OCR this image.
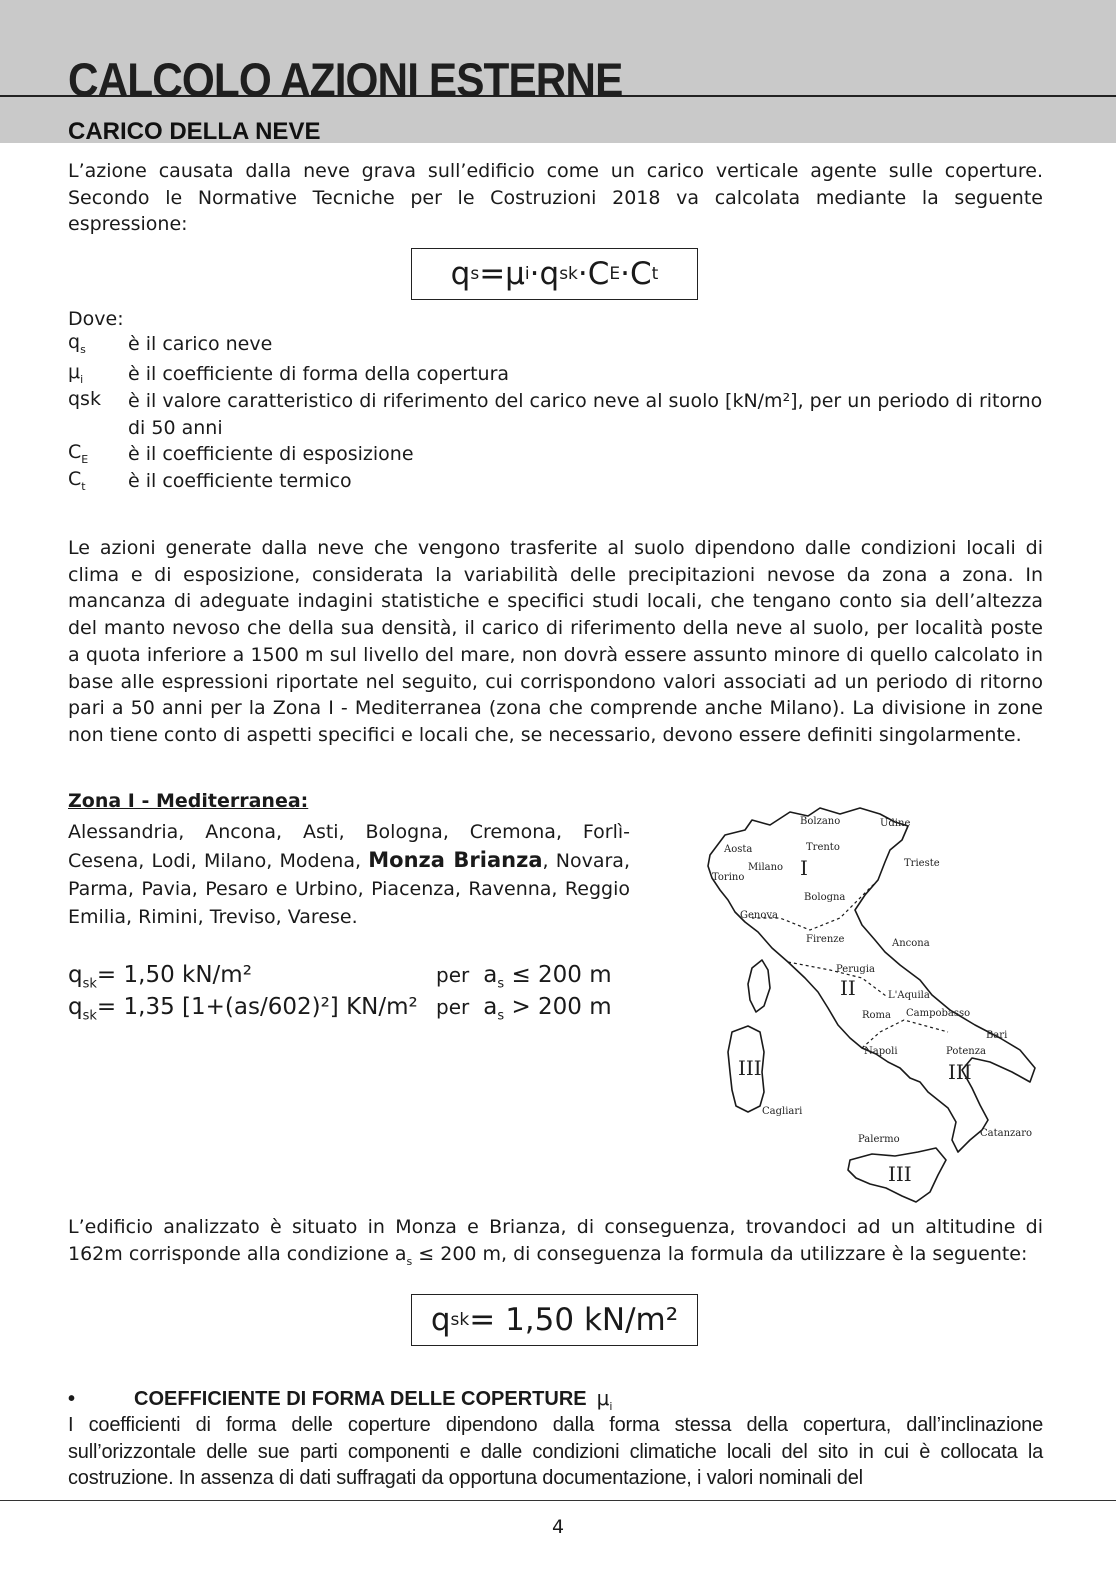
CALCOLO AZIONI ESTERNE
CARICO DELLA NEVE

L’azione causata dalla neve grava sull’edificio come un carico verticale agente sulle coperture. Secondo le Normative Tecniche per le Costruzioni 2018 va calcolata mediante la seguente espressione:

q s = μ i · q sk · C E · C t

Dove:

$q_s$ è il carico neve
$\mu_i$ è il coefficiente di forma della copertura
qsk è il valore caratteristico di riferimento del carico neve al suolo [kN/m²], per un periodo di ritorno di 50 anni
$C_E$ è il coefficiente di esposizione
$C_t$ è il coefficiente termico

Le azioni generate dalla neve che vengono trasferite al suolo dipendono dalle condizioni locali di clima e di esposizione, considerata la variabilità delle precipitazioni nevose da zona a zona. In mancanza di adeguate indagini statistiche e specifici studi locali, che tengano conto sia dell’altezza del manto nevoso che della sua densità, il carico di riferimento della neve al suolo, per località poste a quota inferiore a 1500 m sul livello del mare, non dovrà essere assunto minore di quello calcolato in base alle espressioni riportate nel seguito, cui corrispondono valori associati ad un periodo di ritorno pari a 50 anni per la Zona I - Mediterranea (zona che comprende anche Milano). La divisione in zone non tiene conto di aspetti specifici e locali che, se necessario, devono essere definiti singolarmente.

Zona I - Mediterranea:

Alessandria, Ancona, Asti, Bologna, Cremona, Forlì-Cesena, Lodi, Milano, Modena, Monza Brianza, Novara, Parma, Pavia, Pesaro e Urbino, Piacenza, Ravenna, Reggio Emilia, Rimini, Treviso, Varese.

$q_{sk}= 1,50$ kN/m²	per $a_s \le 200$ m
$q_{sk}= 1,35$ [1+(as/602)²] KN/m² per $a_s > 200$ m
Bolzano	Udine
Aosta	Trento
Milano	Trieste
Torino
Bologna
Genova
Firenze	Ancona
Perugia
L'Aquila
Roma Campobasso
Bari
Napoli	Potenza
Cagliari
Catanzaro
Palermo
I
II
III	III
III

L’edificio analizzato è situato in Monza e Brianza, di conseguenza, trovandoci ad un altitudine di 162m corrisponde alla condizione $a_s \le 200$ m, di conseguenza la formula da utilizzare è la seguente:

q sk = 1,50 kN/m²
•	COEFFICIENTE DI FORMA DELLE COPERTURE $\mu_i$

I coefficienti di forma delle coperture dipendono dalla forma stessa della copertura, dall’inclinazione sull’orizzontale delle sue parti componenti e dalle condizioni climatiche locali del sito in cui è collocata la costruzione. In assenza di dati suffragati da opportuna documentazione, i valori nominali del

4
